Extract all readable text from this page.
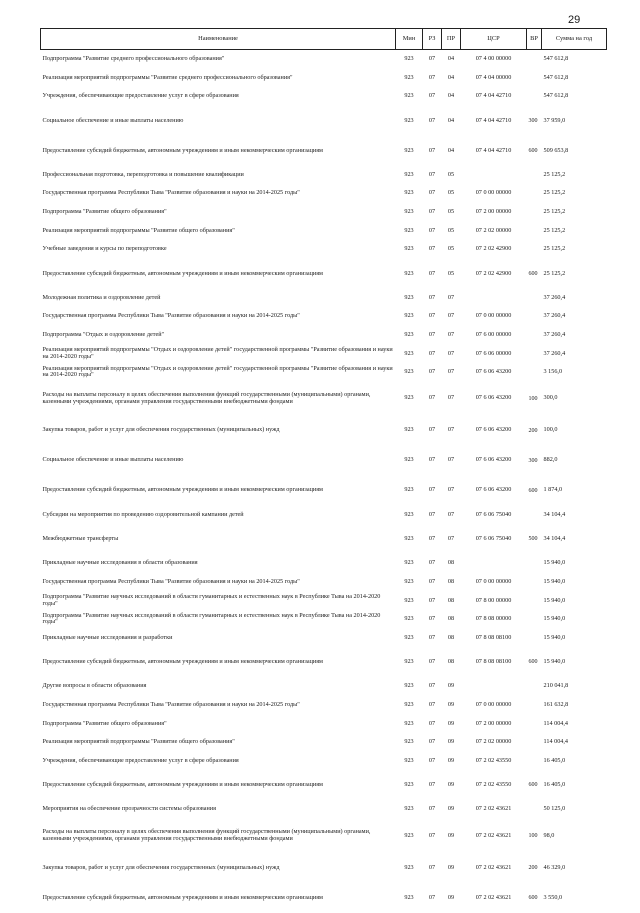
29
Наименование	Мин	РЗ	ПР	ЦСР	ВР	Сумма на год
Подпрограмма "Развитие среднего профессионального образования"	923	07	04	07 4 00 00000		547 612,8
Реализация мероприятий подпрограммы "Развитие среднего профессионального образования"	923	07	04	07 4 04 00000		547 612,8
Учреждения, обеспечивающие предоставление услуг в сфере образования	923	07	04	07 4 04 42710		547 612,8
Социальное обеспечение и иные выплаты населению	923	07	04	07 4 04 42710	300	37 959,0
Предоставление субсидий бюджетным, автономным учреждениям и иным некоммерческим организациям	923	07	04	07 4 04 42710	600	509 653,8
Профессиональная подготовка, переподготовка и повышение квалификации	923	07	05			25 125,2
Государственная программа Республики Тыва "Развитие образования и науки на 2014-2025 годы"	923	07	05	07 0 00 00000		25 125,2
Подпрограмма "Развитие общего образования"	923	07	05	07 2 00 00000		25 125,2
Реализация мероприятий подпрограммы "Развитие общего образования"	923	07	05	07 2 02 00000		25 125,2
Учебные заведения и курсы по переподготовке	923	07	05	07 2 02 42900		25 125,2
Предоставление субсидий бюджетным, автономным учреждениям и иным некоммерческим организациям	923	07	05	07 2 02 42900	600	25 125,2
Молодежная политика и оздоровление детей	923	07	07			37 260,4
Государственная программа Республики Тыва "Развитие образования и науки на 2014-2025 годы"	923	07	07	07 0 00 00000		37 260,4
Подпрограмма "Отдых и оздоровление детей"	923	07	07	07 6 00 00000		37 260,4
Реализация мероприятий подпрограммы "Отдых и оздоровление детей" государственной программы "Развитие образования и науки на 2014-2020 годы"	923	07	07	07 6 06 00000		37 260,4
Реализация мероприятий подпрограммы "Отдых и оздоровление детей" государственной программы "Развитие образования и науки на 2014-2020 годы"	923	07	07	07 6 06 43200		3 156,0
Расходы на выплаты персоналу в целях обеспечения выполнения функций государственными (муниципальными) органами, казенными учреждениями, органами управления государственными внебюджетными фондами	923	07	07	07 6 06 43200	100	300,0
Закупка товаров, работ и услуг для обеспечения государственных (муниципальных) нужд	923	07	07	07 6 06 43200	200	100,0
Социальное обеспечение и иные выплаты населению	923	07	07	07 6 06 43200	300	882,0
Предоставление субсидий бюджетным, автономным учреждениям и иным некоммерческим организациям	923	07	07	07 6 06 43200	600	1 874,0
Субсидии на мероприятия по проведению оздоровительной кампании детей	923	07	07	07 6 06 75040		34 104,4
Межбюджетные трансферты	923	07	07	07 6 06 75040	500	34 104,4
Прикладные научные исследования в области образования	923	07	08			15 940,0
Государственная программа Республики Тыва "Развитие образования и науки на 2014-2025 годы"	923	07	08	07 0 00 00000		15 940,0
Подпрограмма "Развитие научных исследований в области гуманитарных и естественных наук в Республике Тыва на 2014-2020 годы"	923	07	08	07 8 00 00000		15 940,0
Подпрограмма "Развитие научных исследований в области гуманитарных и естественных наук в Республике Тыва на 2014-2020 годы"	923	07	08	07 8 08 00000		15 940,0
Прикладные научные исследования и разработки	923	07	08	07 8 08 08100		15 940,0
Предоставление субсидий бюджетным, автономным учреждениям и иным некоммерческим организациям	923	07	08	07 8 08 08100	600	15 940,0
Другие вопросы в области образования	923	07	09			210 041,8
Государственная программа Республики Тыва "Развитие образования и науки на 2014-2025 годы"	923	07	09	07 0 00 00000		161 632,8
Подпрограмма "Развитие общего образования"	923	07	09	07 2 00 00000		114 004,4
Реализация мероприятий подпрограммы "Развитие общего образования"	923	07	09	07 2 02 00000		114 004,4
Учреждения, обеспечивающие предоставление услуг в сфере образования	923	07	09	07 2 02 43550		16 405,0
Предоставление субсидий бюджетным, автономным учреждениям и иным некоммерческим организациям	923	07	09	07 2 02 43550	600	16 405,0
Мероприятия на обеспечение прозрачности системы образования	923	07	09	07 2 02 43621		50 125,0
Расходы на выплаты персоналу в целях обеспечения выполнения функций государственными (муниципальными) органами, казенными учреждениями, органами управления государственными внебюджетными фондами	923	07	09	07 2 02 43621	100	98,0
Закупка товаров, работ и услуг для обеспечения государственных (муниципальных) нужд	923	07	09	07 2 02 43621	200	46 329,0
Предоставление субсидий бюджетным, автономным учреждениям и иным некоммерческим организациям	923	07	09	07 2 02 43621	600	3 550,0
